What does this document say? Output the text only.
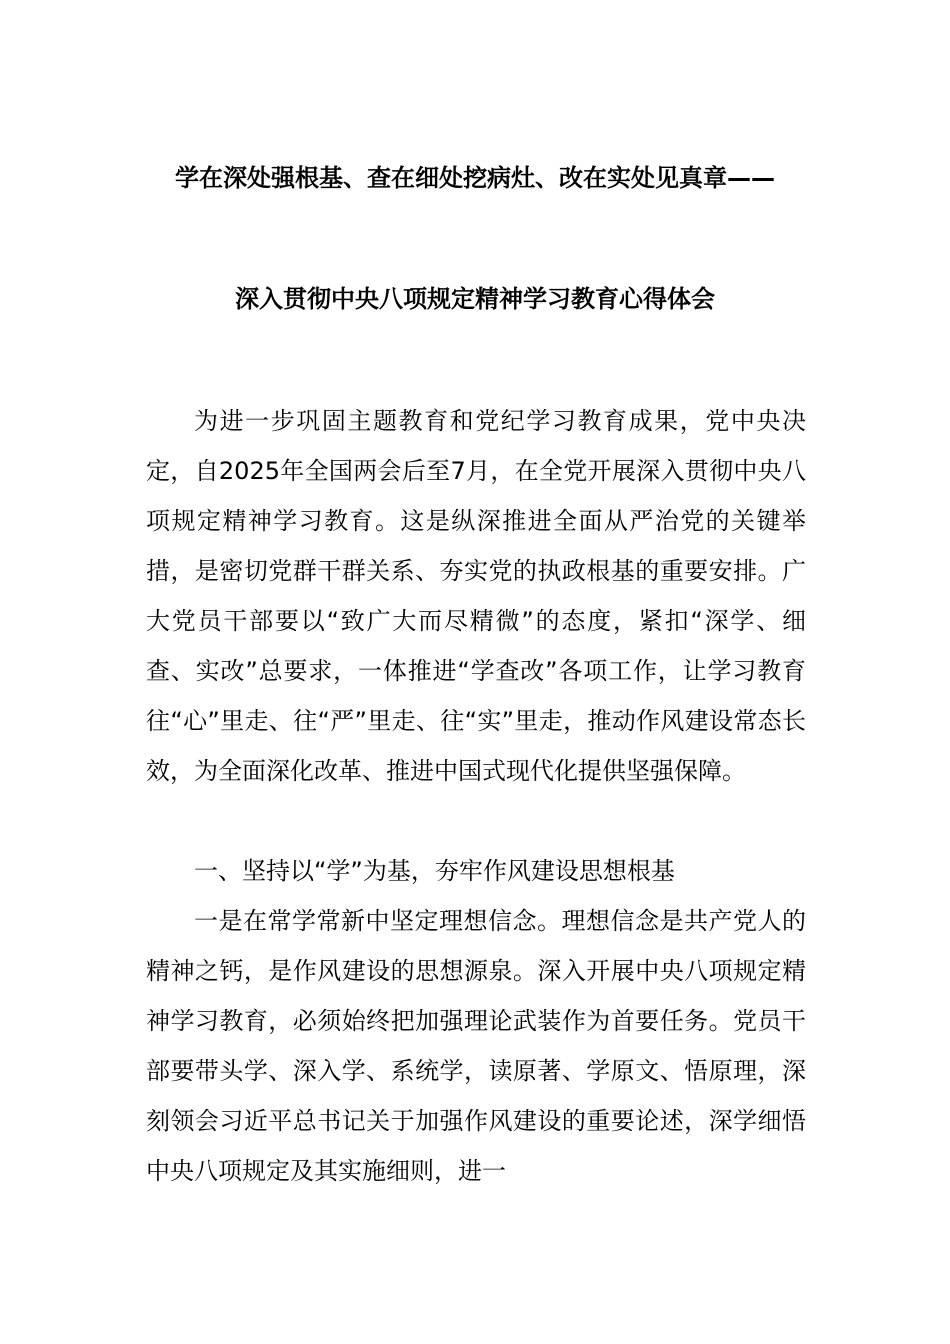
学在深处强根基、查在细处挖病灶、改在实处见真章——
深入贯彻中央八项规定精神学习教育心得体会

为进一步巩固主题教育和党纪学习教育成果，党中央决定，自2025年全国两会后至7月，在全党开展深入贯彻中央八项规定精神学习教育。这是纵深推进全面从严治党的关键举措，是密切党群干群关系、夯实党的执政根基的重要安排。广大党员干部要以“致广大而尽精微”的态度，紧扣“深学、细查、实改”总要求，一体推进“学查改”各项工作，让学习教育往“心”里走、往“严”里走、往“实”里走，推动作风建设常态长效，为全面深化改革、推进中国式现代化提供坚强保障。

一、坚持以“学”为基，夯牢作风建设思想根基

一是在常学常新中坚定理想信念。理想信念是共产党人的精神之钙，是作风建设的思想源泉。深入开展中央八项规定精神学习教育，必须始终把加强理论武装作为首要任务。党员干部要带头学、深入学、系统学，读原著、学原文、悟原理，深刻领会习近平总书记关于加强作风建设的重要论述，深学细悟中央八项规定及其实施细则，进一
